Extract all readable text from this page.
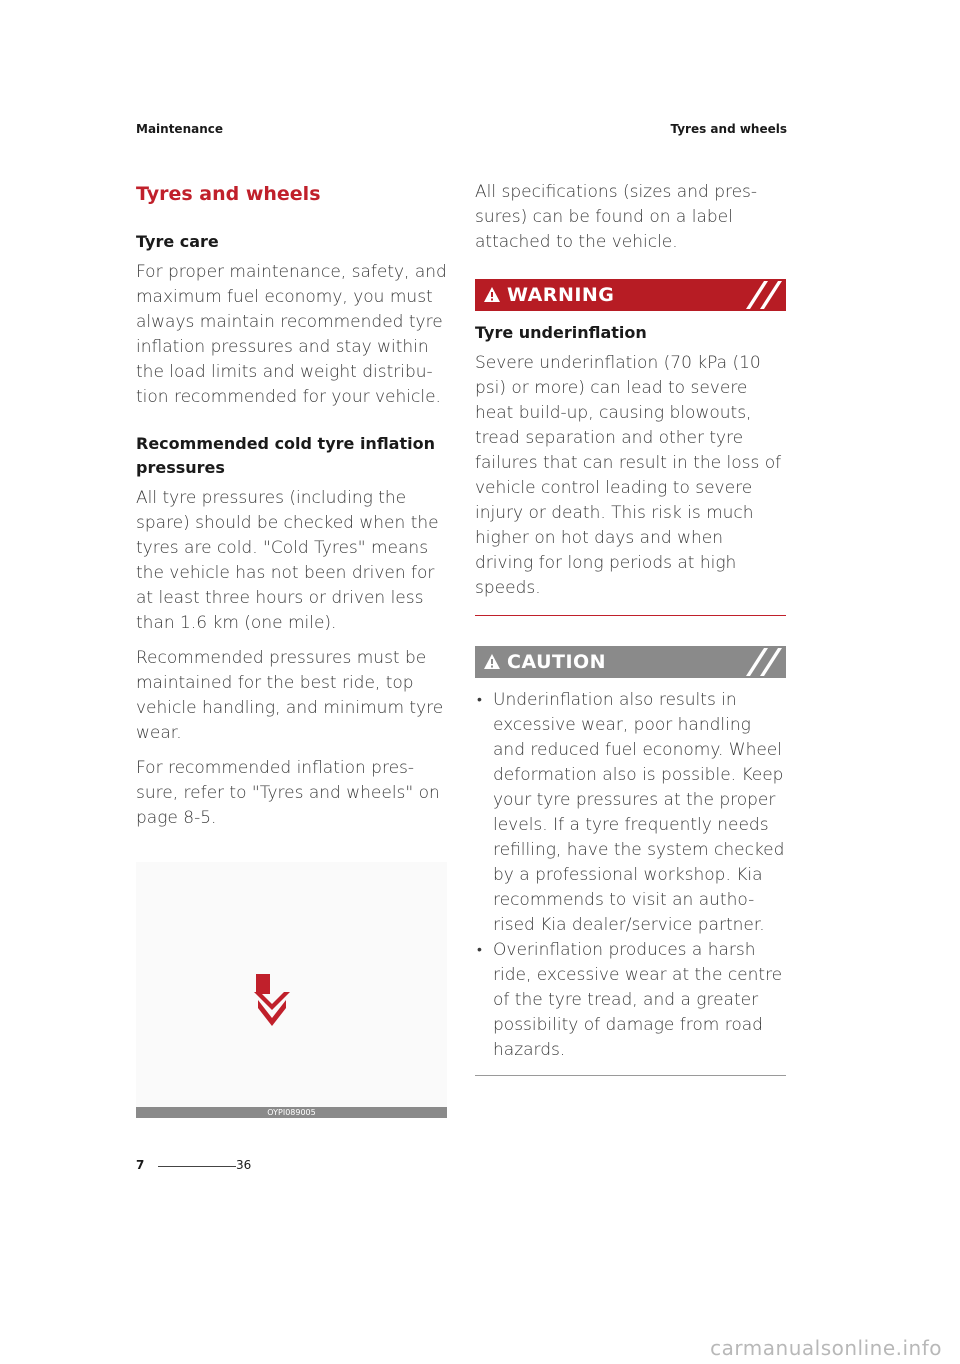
Maintenance	Tyres and wheels
Tyres and wheels
Tyre care

For proper maintenance, safety, and maximum fuel economy, you must always maintain recommended tyre inflation pressures and stay within the load limits and weight distribu-tion recommended for your vehicle.

Recommended cold tyre inflation pressures

All tyre pressures (including the spare) should be checked when the tyres are cold. "Cold Tyres" means the vehicle has not been driven for at least three hours or driven less than 1.6 km (one mile).

Recommended pressures must be maintained for the best ride, top vehicle handling, and minimum tyre wear.

For recommended inflation pres-sure, refer to "Tyres and wheels" on page 8-5.

OYPI089005

All specifications (sizes and pres-sures) can be found on a label attached to the vehicle.

WARNING
Tyre underinflation

Severe underinflation (70 kPa (10 psi) or more) can lead to severe heat build-up, causing blowouts, tread separation and other tyre failures that can result in the loss of vehicle control leading to severe injury or death. This risk is much higher on hot days and when driving for long periods at high speeds.

CAUTION
• Underinflation also results in excessive wear, poor handling and reduced fuel economy. Wheel deformation also is possible. Keep your tyre pressures at the proper levels. If a tyre frequently needs refilling, have the system checked by a professional workshop. Kia recommends to visit an autho-rised Kia dealer/service partner.
• Overinflation produces a harsh ride, excessive wear at the centre of the tyre tread, and a greater possibility of damage from road hazards.
7	36
carmanualsonline.info
